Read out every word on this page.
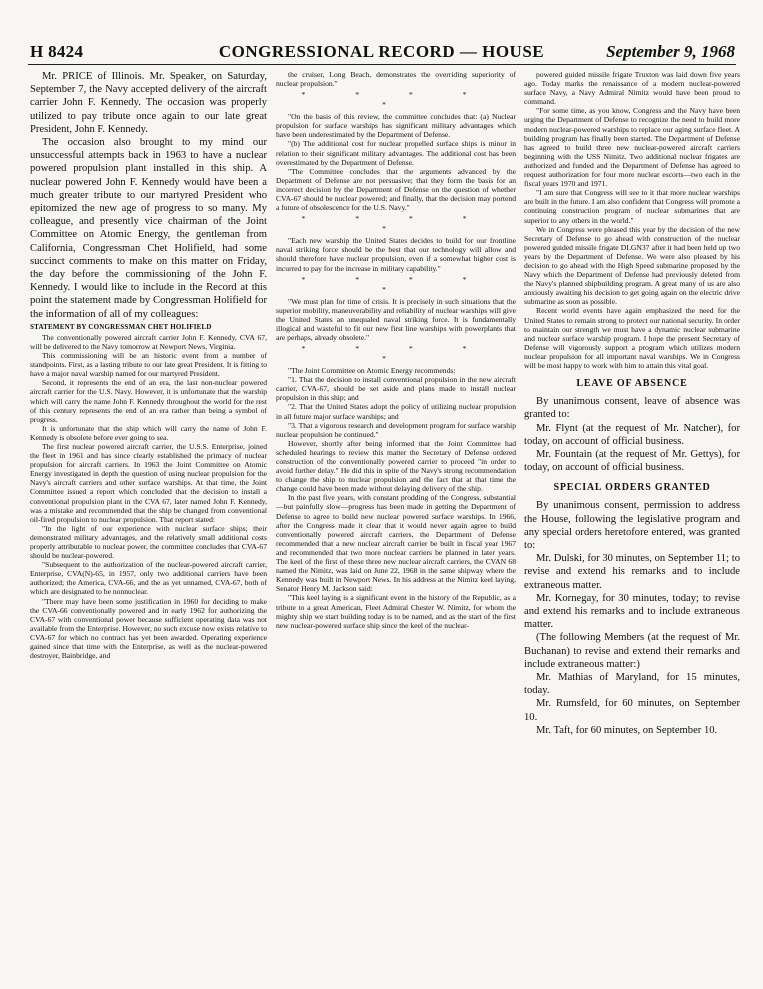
H 8424	CONGRESSIONAL RECORD — HOUSE	September 9, 1968

Mr. PRICE of Illinois. Mr. Speaker, on Saturday, September 7, the Navy accepted delivery of the aircraft carrier John F. Kennedy. The occasion was properly utilized to pay tribute once again to our late great President, John F. Kennedy.

The occasion also brought to my mind our unsuccessful attempts back in 1963 to have a nuclear powered propulsion plant installed in this ship. A nuclear powered John F. Kennedy would have been a much greater tribute to our martyred President who epitomized the new age of progress to so many. My colleague, and presently vice chairman of the Joint Committee on Atomic Energy, the gentleman from California, Congressman Chet Holifield, had some succinct comments to make on this matter on Friday, the day before the commissioning of the John F. Kennedy. I would like to include in the Record at this point the statement made by Congressman Holifield for the information of all of my colleagues:

STATEMENT BY CONGRESSMAN CHET HOLIFIELD

The conventionally powered aircraft carrier John F. Kennedy, CVA 67, will be delivered to the Navy tomorrow at Newport News, Virginia.

This commissioning will be an historic event from a number of standpoints. First, as a lasting tribute to our late great President. It is fitting to have a major naval warship named for our martyred President.

Second, it represents the end of an era, the last non-nuclear powered aircraft carrier for the U.S. Navy. However, it is unfortunate that the warship which will carry the name John F. Kennedy throughout the world for the rest of this century represents the end of an era rather than being a symbol of progress.

It is unfortunate that the ship which will carry the name of John F. Kennedy is obsolete before ever going to sea.

The first nuclear powered aircraft carrier, the U.S.S. Enterprise, joined the fleet in 1961 and has since clearly established the primacy of nuclear propulsion for aircraft carriers. In 1963 the Joint Committee on Atomic Energy investigated in depth the question of using nuclear propulsion for the Navy's aircraft carriers and other surface warships. At that time, the Joint Committee issued a report which concluded that the decision to install a conventional propulsion plant in the CVA 67, later named John F. Kennedy, was a mistake and recommended that the ship be changed from conventional oil-fired propulsion to nuclear propulsion. That report stated:

"In the light of our experience with nuclear surface ships; their demonstrated military advantages, and the relatively small additional costs properly attributable to nuclear power, the committee concludes that CVA-67 should be nuclear-powered.

"Subsequent to the authorization of the nuclear-powered aircraft carrier, Enterprise, CVA(N)-65, in 1957, only two additional carriers have been authorized; the America, CVA-66, and the as yet unnamed, CVA-67, both of which are designated to be nonnuclear.

"There may have been some justification in 1960 for deciding to make the CVA-66 conventionally powered and in early 1962 for authorizing the CVA-67 with conventional power because sufficient operating data was not available from the Enterprise. However, no such excuse now exists relative to CVA-67 for which no contract has yet been awarded. Operating experience gained since that time with the Enterprise, as well as the nuclear-powered destroyer, Bainbridge, and

the cruiser, Long Beach, demonstrates the overriding superiority of nuclear propulsion."

* * * * *

"On the basis of this review, the committee concludes that: (a) Nuclear propulsion for surface warships has significant military advantages which have been underestimated by the Department of Defense.

"(b) The additional cost for nuclear propelled surface ships is minor in relation to their significant military advantages. The additional cost has been overestimated by the Department of Defense.

"The Committee concludes that the arguments advanced by the Department of Defense are not persuasive; that they form the basis for an incorrect decision by the Department of Defense on the question of whether CVA-67 should be nuclear powered; and finally, that the decision may portend a future of obsolescence for the U.S. Navy."

* * * * *

"Each new warship the United States decides to build for our frontline naval striking force should be the best that our technology will allow and should therefore have nuclear propulsion, even if a somewhat higher cost is incurred to pay for the increase in military capability."

* * * * *

"We must plan for time of crisis. It is precisely in such situations that the superior mobility, maneuverability and reliability of nuclear warships will give the United States an unequaled naval striking force. It is fundamentally illogical and wasteful to fit our new first line warships with powerplants that are perhaps, already obsolete."

* * * * *

"The Joint Committee on Atomic Energy recommends:

"1. That the decision to install conventional propulsion in the new aircraft carrier, CVA-67, should be set aside and plans made to install nuclear propulsion in this ship; and

"2. That the United States adopt the policy of utilizing nuclear propulsion in all future major surface warships; and

"3. That a vigorous research and development program for surface warship nuclear propulsion be continued."

However, shortly after being informed that the Joint Committee had scheduled hearings to review this matter the Secretary of Defense ordered construction of the conventionally powered carrier to proceed "in order to avoid further delay." He did this in spite of the Navy's strong recommendation to change the ship to nuclear propulsion and the fact that at that time the change could have been made without delaying delivery of the ship.

In the past five years, with constant prodding of the Congress, substantial—but painfully slow—progress has been made in getting the Department of Defense to agree to build new nuclear powered surface warships. In 1966, after the Congress made it clear that it would never again agree to build conventionally powered aircraft carriers, the Department of Defense recommended that a new nuclear aircraft carrier be built in fiscal year 1967 and recommended that two more nuclear carriers be planned in later years. The keel of the first of these three new nuclear aircraft carriers, the CVAN 68 named the Nimitz, was laid on June 22, 1968 in the same shipway where the Kennedy was built in Newport News. In his address at the Nimitz keel laying, Senator Henry M. Jackson said:

"This keel laying is a significant event in the history of the Republic, as a tribute to a great American, Fleet Admiral Chester W. Nimitz, for whom the mighty ship we start building today is to be named, and as the start of the first new nuclear-powered surface ship since the keel of the nuclear-

powered guided missile frigate Truxton was laid down five years ago. Today marks the renaissance of a modern nuclear-powered surface Navy, a Navy Admiral Nimitz would have been proud to command.

"For some time, as you know, Congress and the Navy have been urging the Department of Defense to recognize the need to build more modern nuclear-powered warships to replace our aging surface fleet. A building program has finally been started. The Department of Defense has agreed to build three new nuclear-powered aircraft carriers beginning with the USS Nimitz. Two additional nuclear frigates are authorized and funded and the Department of Defense has agreed to request authorization for four more nuclear escorts—two each in the fiscal years 1970 and 1971.

"I am sure that Congress will see to it that more nuclear warships are built in the future. I am also confident that Congress will promote a continuing construction program of nuclear submarines that are superior to any others in the world."

We in Congress were pleased this year by the decision of the new Secretary of Defense to go ahead with construction of the nuclear powered guided missile frigate DLGN37 after it had been held up two years by the Department of Defense. We were also pleased by his decision to go ahead with the High Speed submarine proposed by the Navy which the Department of Defense had previously deleted from the Navy's planned shipbuilding program. A great many of us are also anxiously awaiting his decision to get going again on the electric drive submarine as soon as possible.

Recent world events have again emphasized the need for the United States to remain strong to protect our national security. In order to maintain our strength we must have a dynamic nuclear submarine and nuclear surface warship program. I hope the present Secretary of Defense will vigorously support a program which utilizes modern nuclear propulsion for all important naval warships. We in Congress will be most happy to work with him to attain this vital goal.

LEAVE OF ABSENCE

By unanimous consent, leave of absence was granted to:

Mr. Flynt (at the request of Mr. Natcher), for today, on account of official business.

Mr. Fountain (at the request of Mr. Gettys), for today, on account of official business.

SPECIAL ORDERS GRANTED

By unanimous consent, permission to address the House, following the legislative program and any special orders heretofore entered, was granted to:

Mr. Dulski, for 30 minutes, on September 11; to revise and extend his remarks and to include extraneous matter.

Mr. Kornegay, for 30 minutes, today; to revise and extend his remarks and to include extraneous matter.

(The following Members (at the request of Mr. Buchanan) to revise and extend their remarks and include extraneous matter:)

Mr. Mathias of Maryland, for 15 minutes, today.

Mr. Rumsfeld, for 60 minutes, on September 10.

Mr. Taft, for 60 minutes, on September 10.
